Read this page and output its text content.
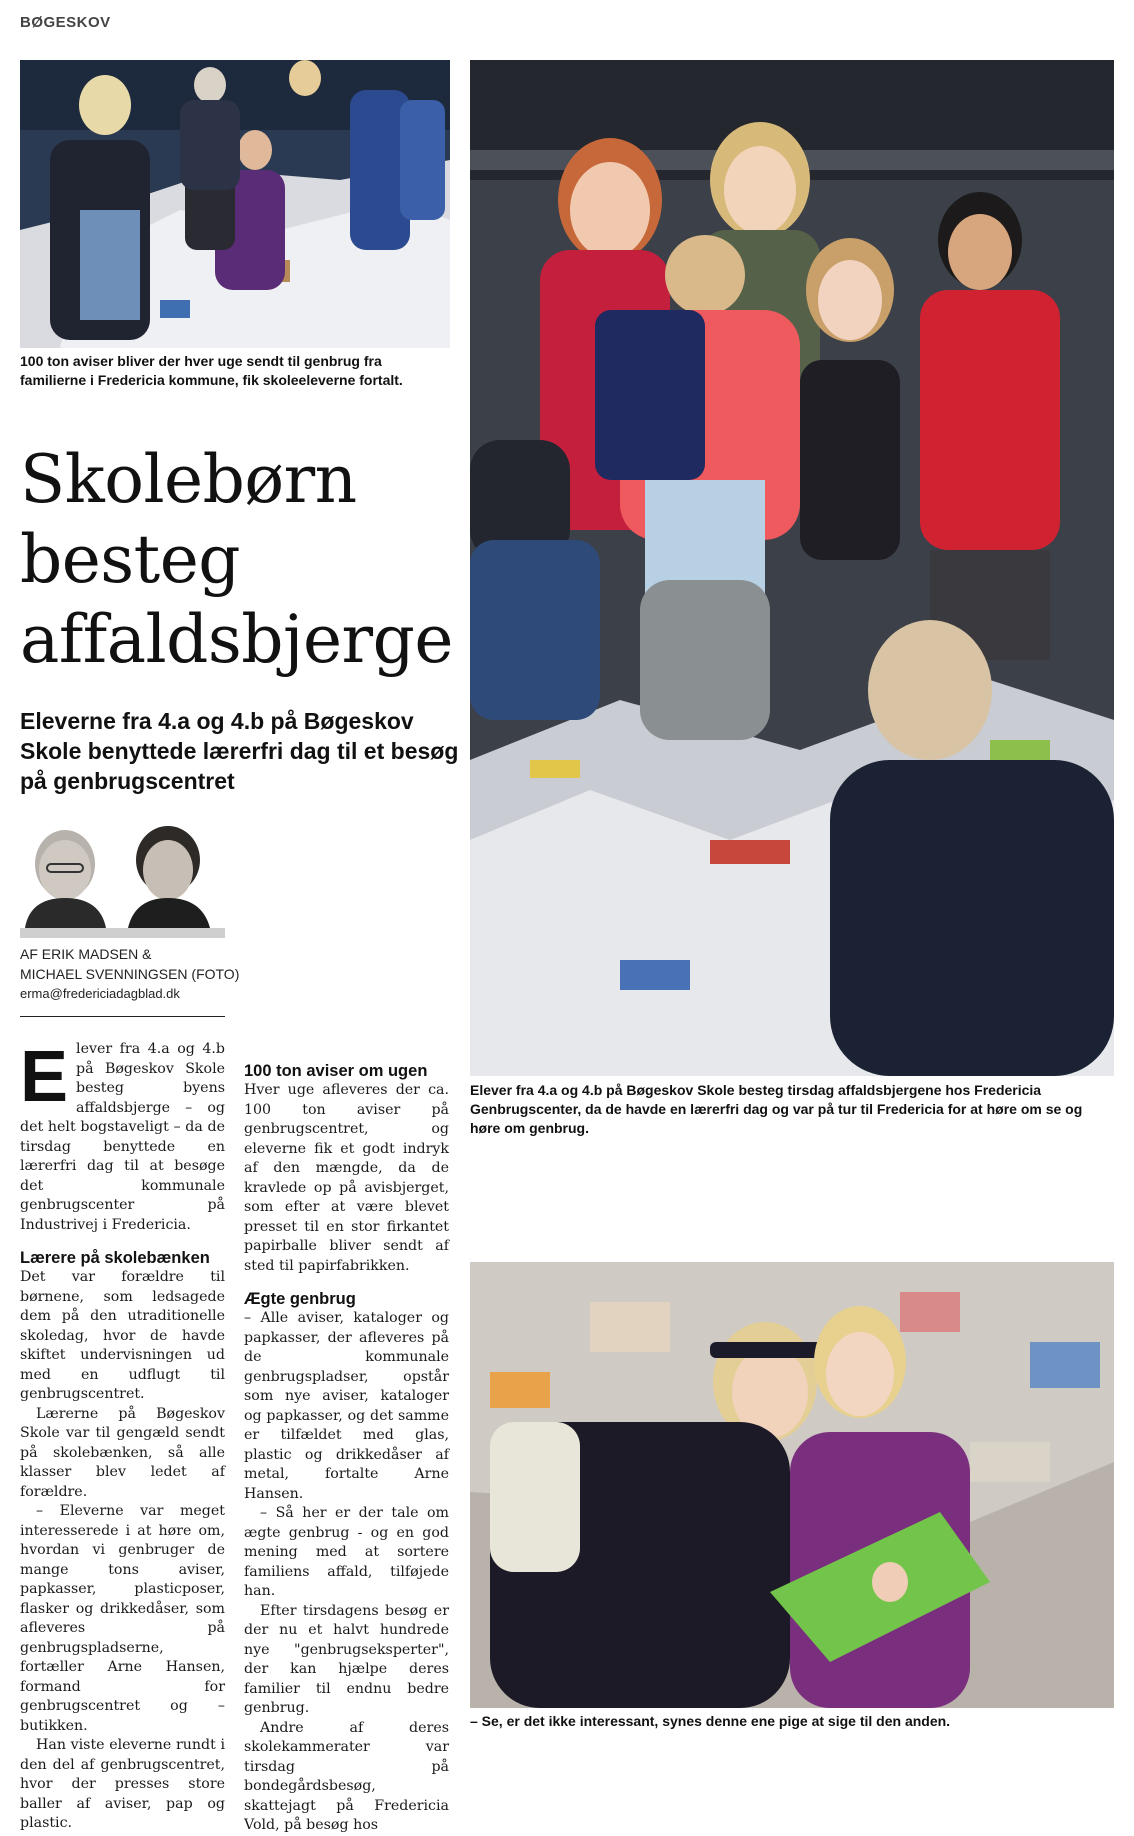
BØGESKOV
100 ton aviser bliver der hver uge sendt til genbrug fra familierne i Fredericia kommune, fik skoleeleverne fortalt.
Elever fra 4.a og 4.b på Bøgeskov Skole besteg tirsdag affaldsbjergene hos Fredericia Genbrugscenter, da de havde en lærerfri dag og var på tur til Fredericia for at høre om se og høre om genbrug.
Skolebørn
besteg
affaldsbjerge
Eleverne fra 4.a og 4.b på Bøgeskov Skole benyttede lærerfri dag til et besøg på genbrugscentret
AF ERIK MADSEN &
MICHAEL SVENNINGSEN (FOTO)
erma@fredericiadagblad.dk

Elever fra 4.a og 4.b på Bøgeskov Skole besteg byens affaldsbjerge – og det helt bogstaveligt – da de tirsdag benyttede en lærerfri dag til at besøge det kommunale genbrugscenter på Industrivej i Fredericia.

Lærere på skolebænken

Det var forældre til børnene, som ledsagede dem på den utraditionelle skoledag, hvor de havde skiftet undervisningen ud med en udflugt til genbrugscentret.

Lærerne på Bøgeskov Skole var til gengæld sendt på skolebænken, så alle klasser blev ledet af forældre.

– Eleverne var meget interesserede i at høre om, hvordan vi genbruger de mange tons aviser, papkasser, plasticposer, flasker og drikkedåser, som afleveres på genbrugspladserne, fortæller Arne Hansen, formand for genbrugscentret og –butikken.

Han viste eleverne rundt i den del af genbrugscentret, hvor der presses store baller af aviser, pap og plastic.

100 ton aviser om ugen

Hver uge afleveres der ca. 100 ton aviser på genbrugscentret, og eleverne fik et godt indryk af den mængde, da de kravlede op på avisbjerget, som efter at være blevet presset til en stor firkantet papirballe bliver sendt af sted til papirfabrikken.

Ægte genbrug

– Alle aviser, kataloger og papkasser, der afleveres på de kommunale genbrugspladser, opstår som nye aviser, kataloger og papkasser, og det samme er tilfældet med glas, plastic og drikkedåser af metal, fortalte Arne Hansen.

– Så her er der tale om ægte genbrug - og en god mening med at sortere familiens affald, tilføjede han.

Efter tirsdagens besøg er der nu et halvt hundrede nye "genbrugseksperter", der kan hjælpe deres familier til endnu bedre genbrug.

Andre af deres skolekammerater var tirsdag på bondegårdsbesøg, skattejagt på Fredericia Vold, på besøg hos

– Se, er det ikke interessant, synes denne ene pige at sige til den anden.
